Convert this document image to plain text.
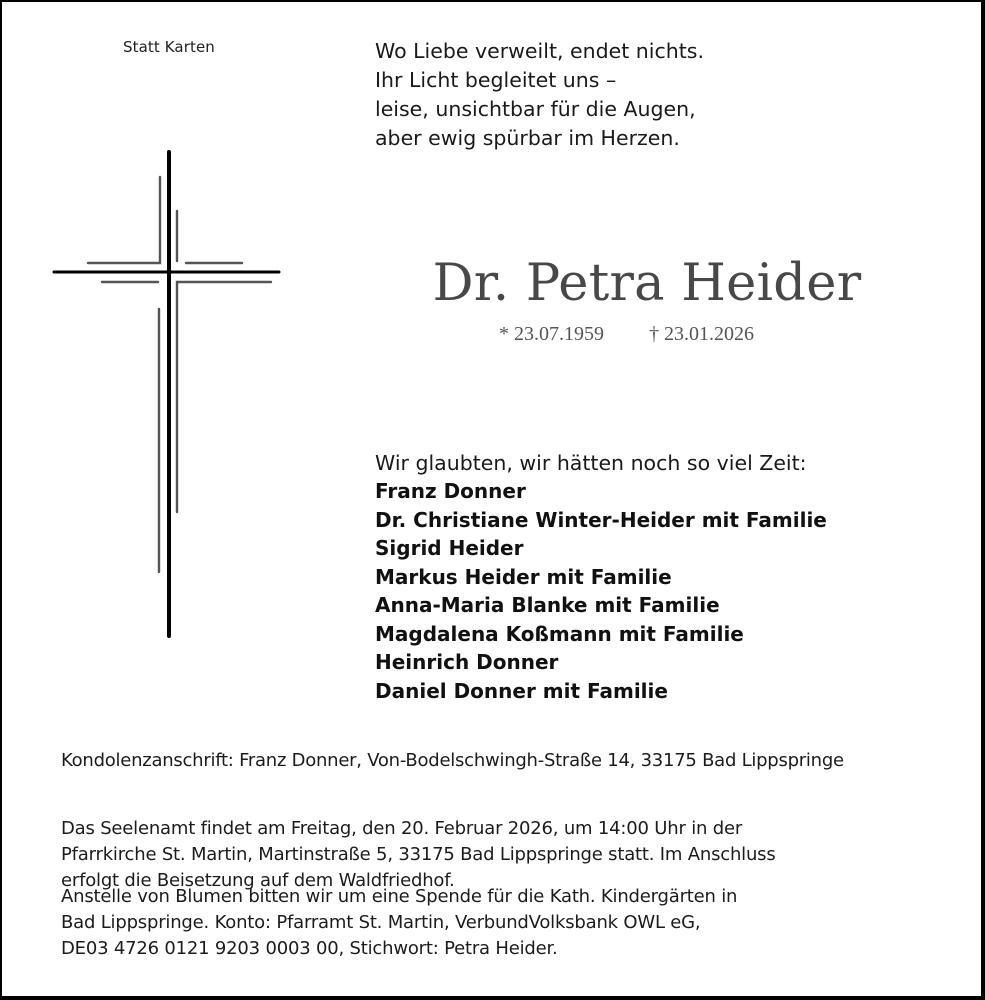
Statt Karten	Wo Liebe verweilt, endet nichts.
Ihr Licht begleitet uns –
leise, unsichtbar für die Augen,
aber ewig spürbar im Herzen.
Dr. Petra Heider
* 23.07.1959 † 23.01.2026
Wir glaubten, wir hätten noch so viel Zeit:
Franz Donner
Dr. Christiane Winter-Heider mit Familie
Sigrid Heider
Markus Heider mit Familie
Anna-Maria Blanke mit Familie
Magdalena Koßmann mit Familie
Heinrich Donner
Daniel Donner mit Familie
Kondolenzanschrift: Franz Donner, Von-Bodelschwingh-Straße 14, 33175 Bad Lippspringe
Das Seelenamt findet am Freitag, den 20. Februar 2026, um 14:00 Uhr in der
Pfarrkirche St. Martin, Martinstraße 5, 33175 Bad Lippspringe statt. Im Anschluss
erfolgt die Beisetzung auf dem Waldfriedhof.
Anstelle von Blumen bitten wir um eine Spende für die Kath. Kindergärten in
Bad Lippspringe. Konto: Pfarramt St. Martin, VerbundVolksbank OWL eG,
DE03 4726 0121 9203 0003 00, Stichwort: Petra Heider.
